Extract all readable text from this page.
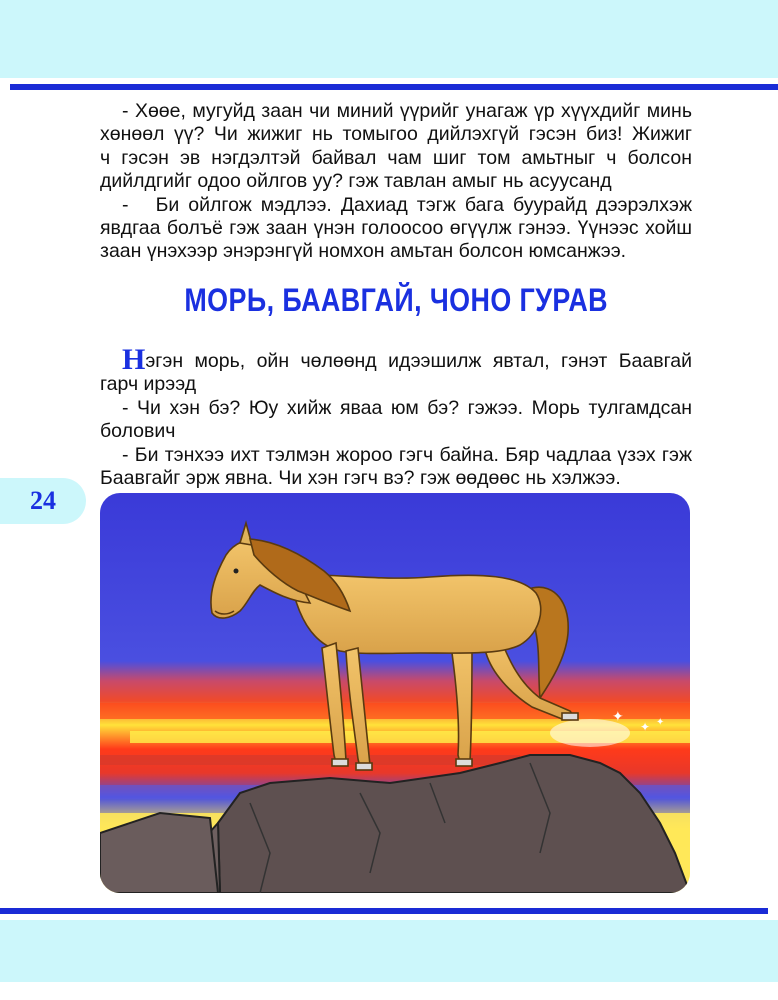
- Хөөе, мугуйд заан чи миний үүрийг унагаж үр хүүхдийг минь

хөнөөл үү? Чи жижиг нь томыгоо дийлэхгүй гэсэн биз! Жижиг

ч гэсэн эв нэгдэлтэй байвал чам шиг том амьтныг ч болсон

дийлдгийг одоо ойлгов уу? гэж тавлан амыг нь асуусанд

-   Би ойлгож мэдлээ. Дахиад тэгж бага буурайд дээрэлхэж

явдгаа болъё гэж заан үнэн голоосоо өгүүлж гэнээ. Үүнээс хойш

заан үнэхээр энэрэнгүй номхон амьтан болсон юмсанжээ.

МОРЬ, БААВГАЙ, ЧОНО ГУРАВ

Нэгэн морь, ойн чөлөөнд идээшилж явтал, гэнэт Баавгай

гарч ирээд

- Чи хэн бэ? Юу хийж яваа юм бэ? гэжээ. Морь тулгамдсан

болович

- Би тэнхээ ихт тэлмэн жороо гэгч байна. Бяр чадлаа үзэх гэж

Баавгайг эрж явна. Чи хэн гэгч вэ? гэж өөдөөс нь хэлжээ.

24
✦
✦ ✦
